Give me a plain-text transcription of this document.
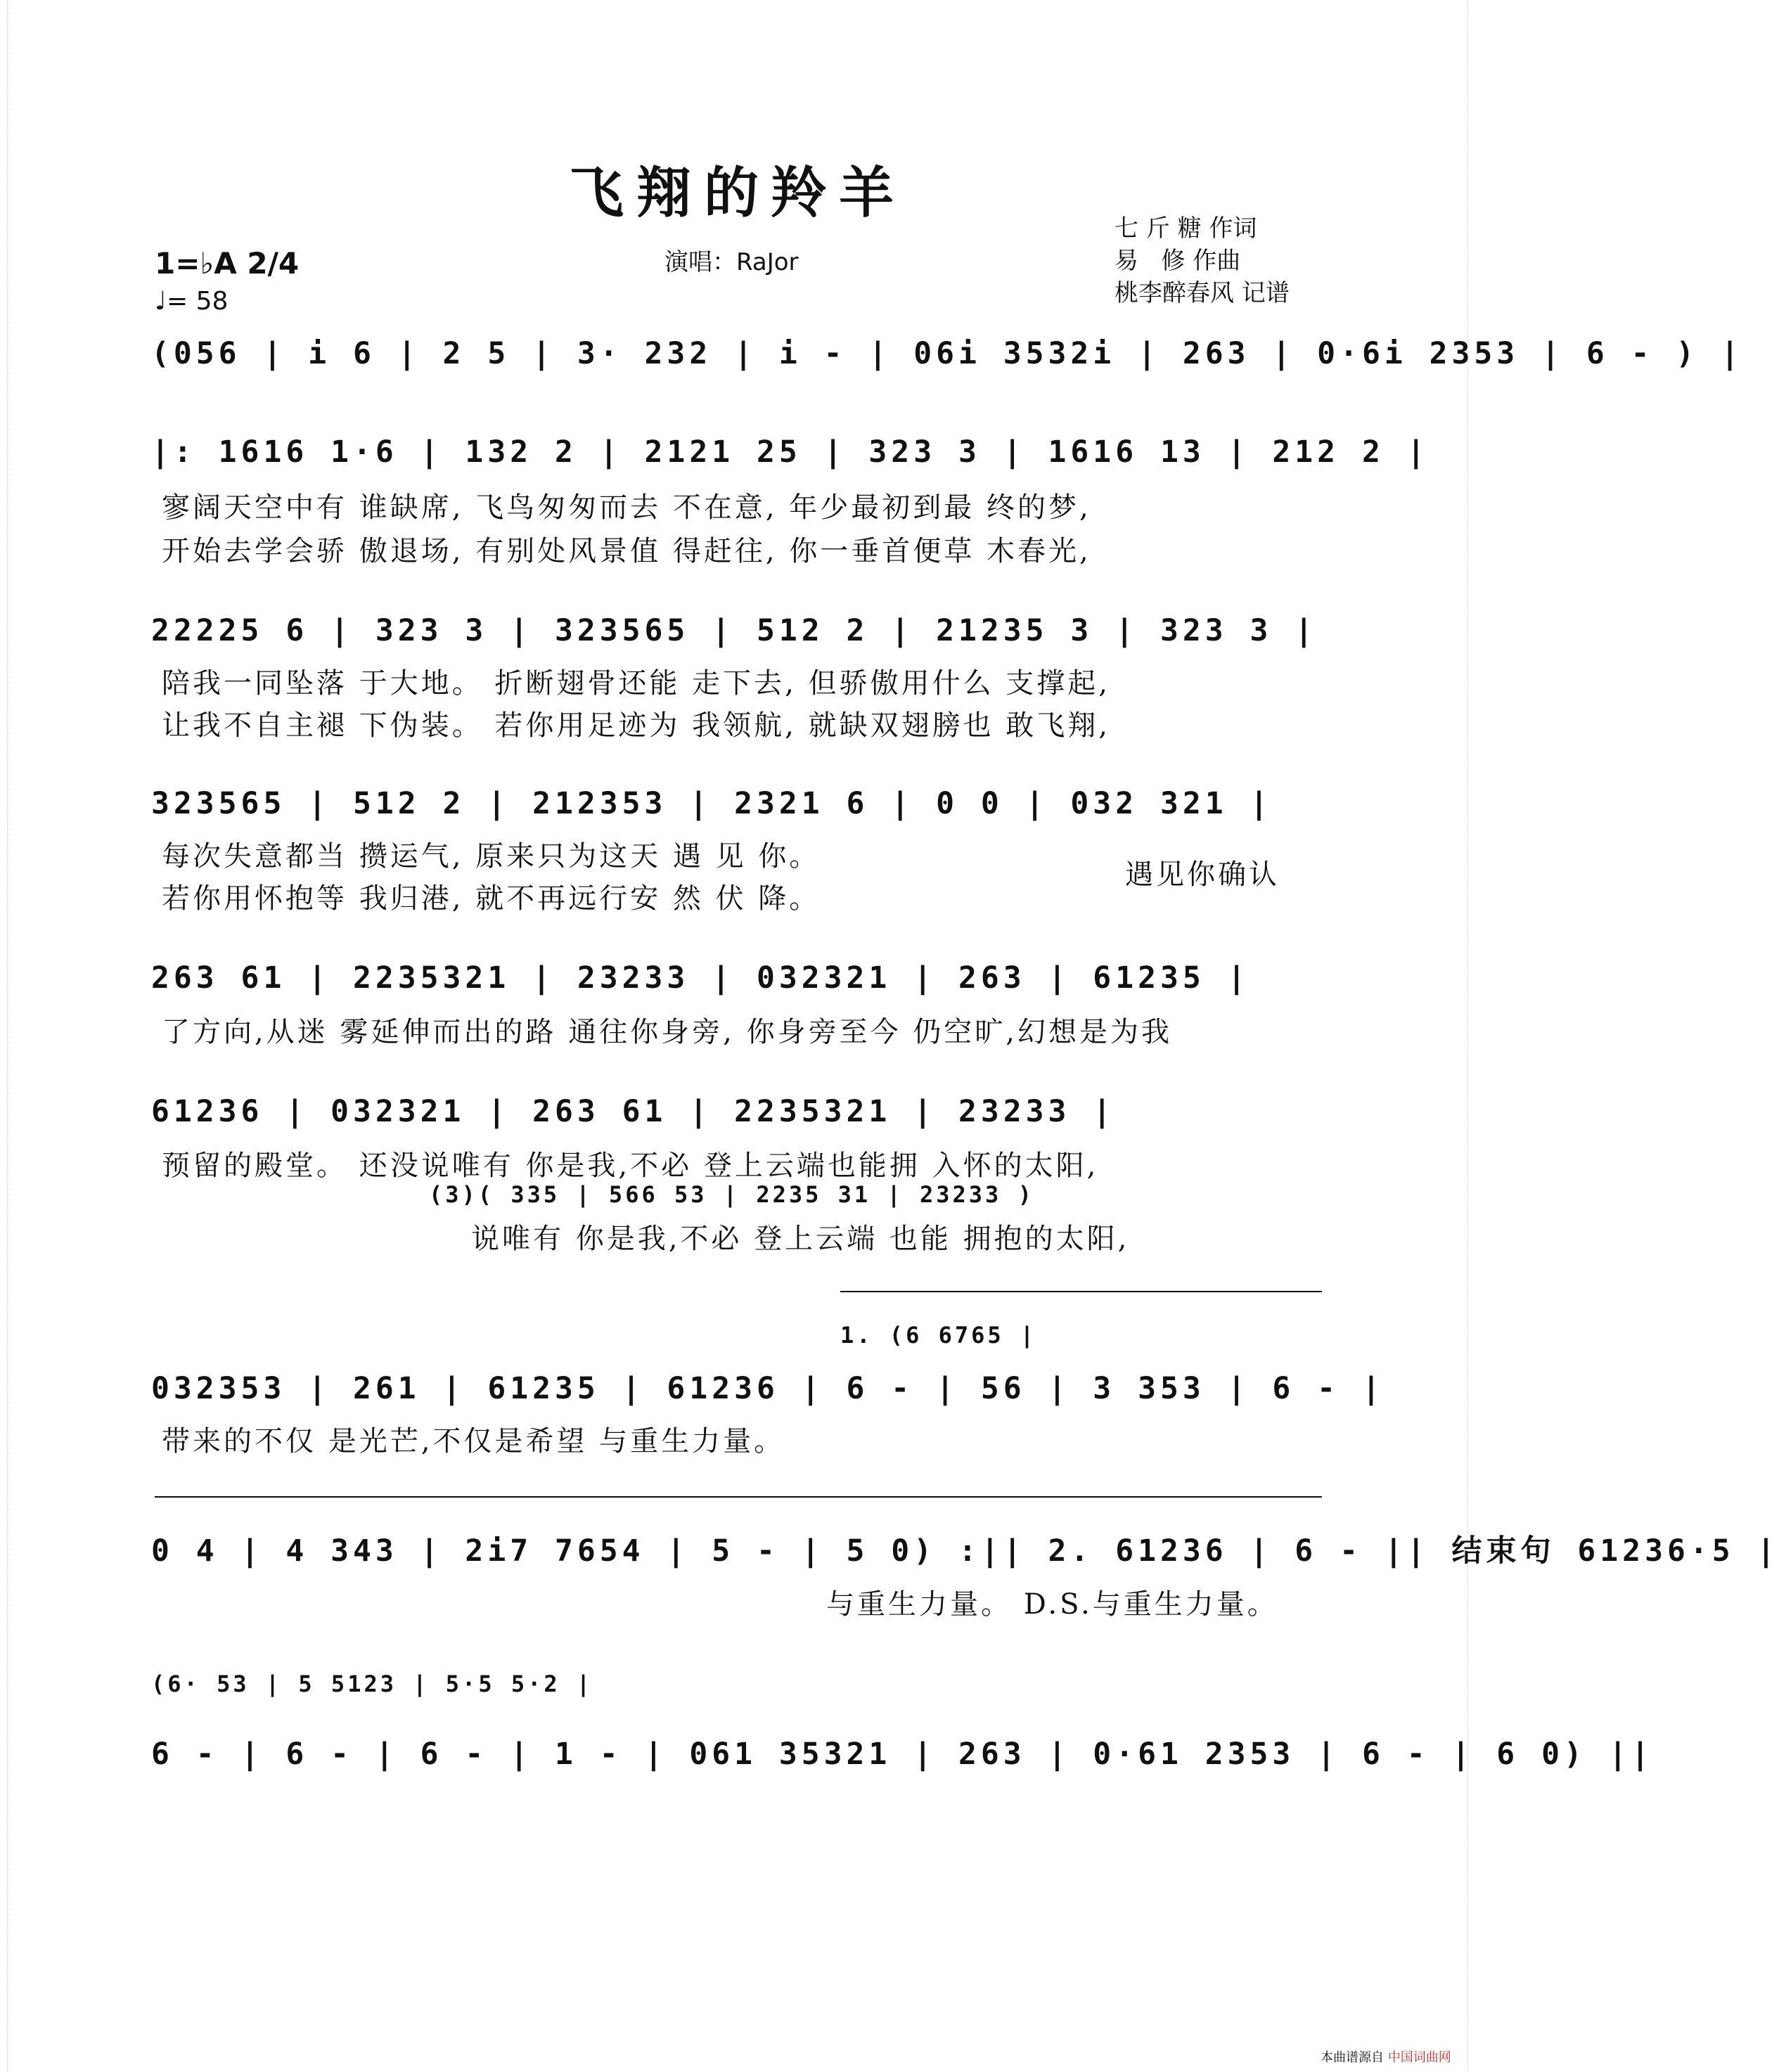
飞翔的羚羊
七 斤 糖 作词
易   修 作曲
桃李醉春风 记谱
演唱：RaJor
1=♭A 2/4
♩= 58
(056 | i 6 | 2 5 | 3· 232 | i - | 06i 3532i | 263 | 0·6i 2353 | 6 - ) |
|: 1616 1·6 | 132 2 | 2121 25 | 323 3 | 1616 13 | 212 2 |
寥阔天空中有 谁缺席, 飞鸟匆匆而去 不在意, 年少最初到最 终的梦,
开始去学会骄 傲退场, 有别处风景值 得赶往, 你一垂首便草 木春光,
22225 6 | 323 3 | 323565 | 512 2 | 21235 3 | 323 3 |
陪我一同坠落 于大地。 折断翅骨还能 走下去, 但骄傲用什么 支撑起,
让我不自主褪 下伪装。 若你用足迹为 我领航, 就缺双翅膀也 敢飞翔,
323565 | 512 2 | 212353 | 2321 6 | 0 0 | 032 321 |
每次失意都当 攒运气, 原来只为这天 遇 见 你。
若你用怀抱等 我归港, 就不再远行安 然 伏 降。
遇见你确认
263 61 | 2235321 | 23233 | 032321 | 263 | 61235 |
了方向,从迷 雾延伸而出的路 通往你身旁, 你身旁至今 仍空旷,幻想是为我
61236 | 032321 | 263 61 | 2235321 | 23233 |
预留的殿堂。 还没说唯有 你是我,不必 登上云端也能拥 入怀的太阳,
(3)( 335 | 566 53 | 2235 31 | 23233 )
说唯有 你是我,不必 登上云端 也能 拥抱的太阳,
1. (6 6765 |
032353 | 261 | 61235 | 61236 | 6 - | 56 | 3 353 | 6 - |
带来的不仅 是光芒,不仅是希望 与重生力量。
0 4 | 4 343 | 2i7 7654 | 5 - | 5 0) :|| 2. 61236 | 6 - || 结束句 61236·5 |
与重生力量。 D.S.与重生力量。
(6· 53 | 5 5123 | 5·5 5·2 |
6 - | 6 - | 6 - | 1 - | 061 35321 | 263 | 0·61 2353 | 6 - | 6 0) ||
本曲谱源自 中国词曲网
